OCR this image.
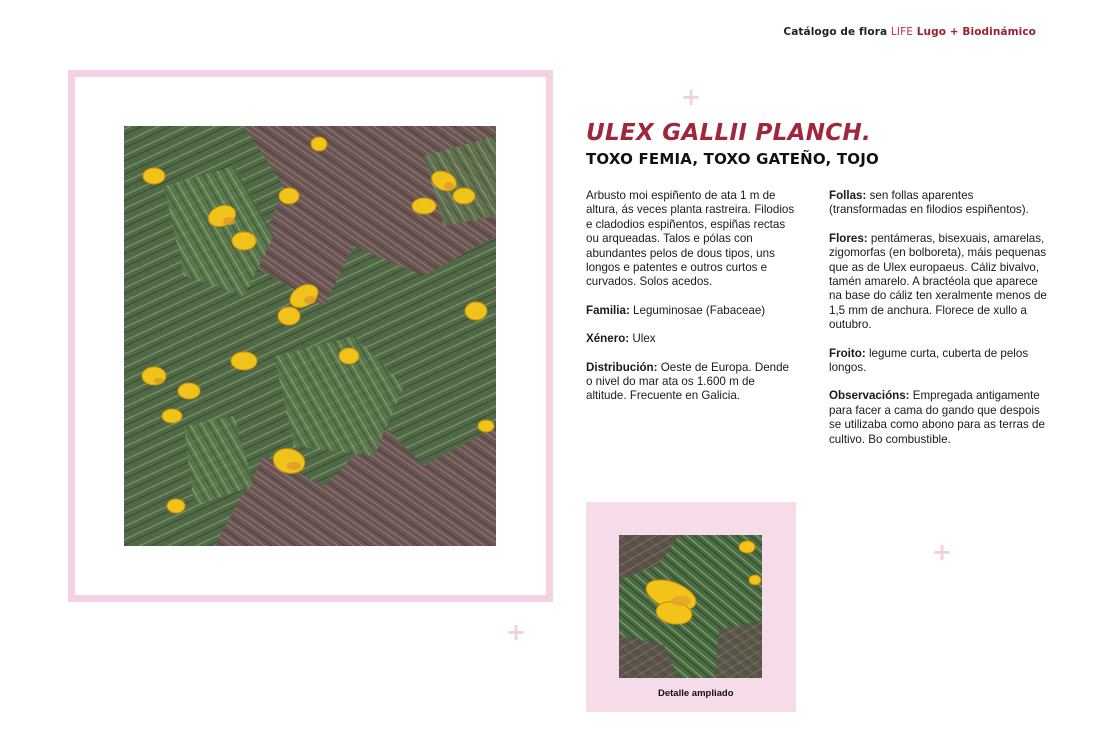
Catálogo de flora LIFE Lugo + Biodinámico
+
+
+
ULEX GALLII PLANCH.
TOXO FEMIA, TOXO GATEÑO, TOJO

Arbusto moi espiñento de ata 1 m de altura, ás veces planta rastreira. Filodios e cladodios espiñentos, espiñas rectas ou arqueadas. Talos e pólas con abundantes pelos de dous tipos, uns longos e patentes e outros curtos e curvados. Solos acedos.

Familia: Leguminosae (Fabaceae)

Xénero: Ulex

Distribución: Oeste de Europa. Dende o nivel do mar ata os 1.600 m de altitude. Frecuente en Galicia.

Follas: sen follas aparentes (transformadas en filodios espiñentos).

Flores: pentámeras, bisexuais, amarelas, zigomorfas (en bolboreta), máis pequenas que as de Ulex europaeus. Cáliz bivalvo, tamén amarelo. A bractéola que aparece na base do cáliz ten xeralmente menos de 1,5 mm de anchura. Florece de xullo a outubro.

Froito: legume curta, cuberta de pelos longos.

Observacións: Empregada antigamente para facer a cama do gando que despois se utilizaba como abono para as terras de cultivo. Bo combustible.

Detalle ampliado
